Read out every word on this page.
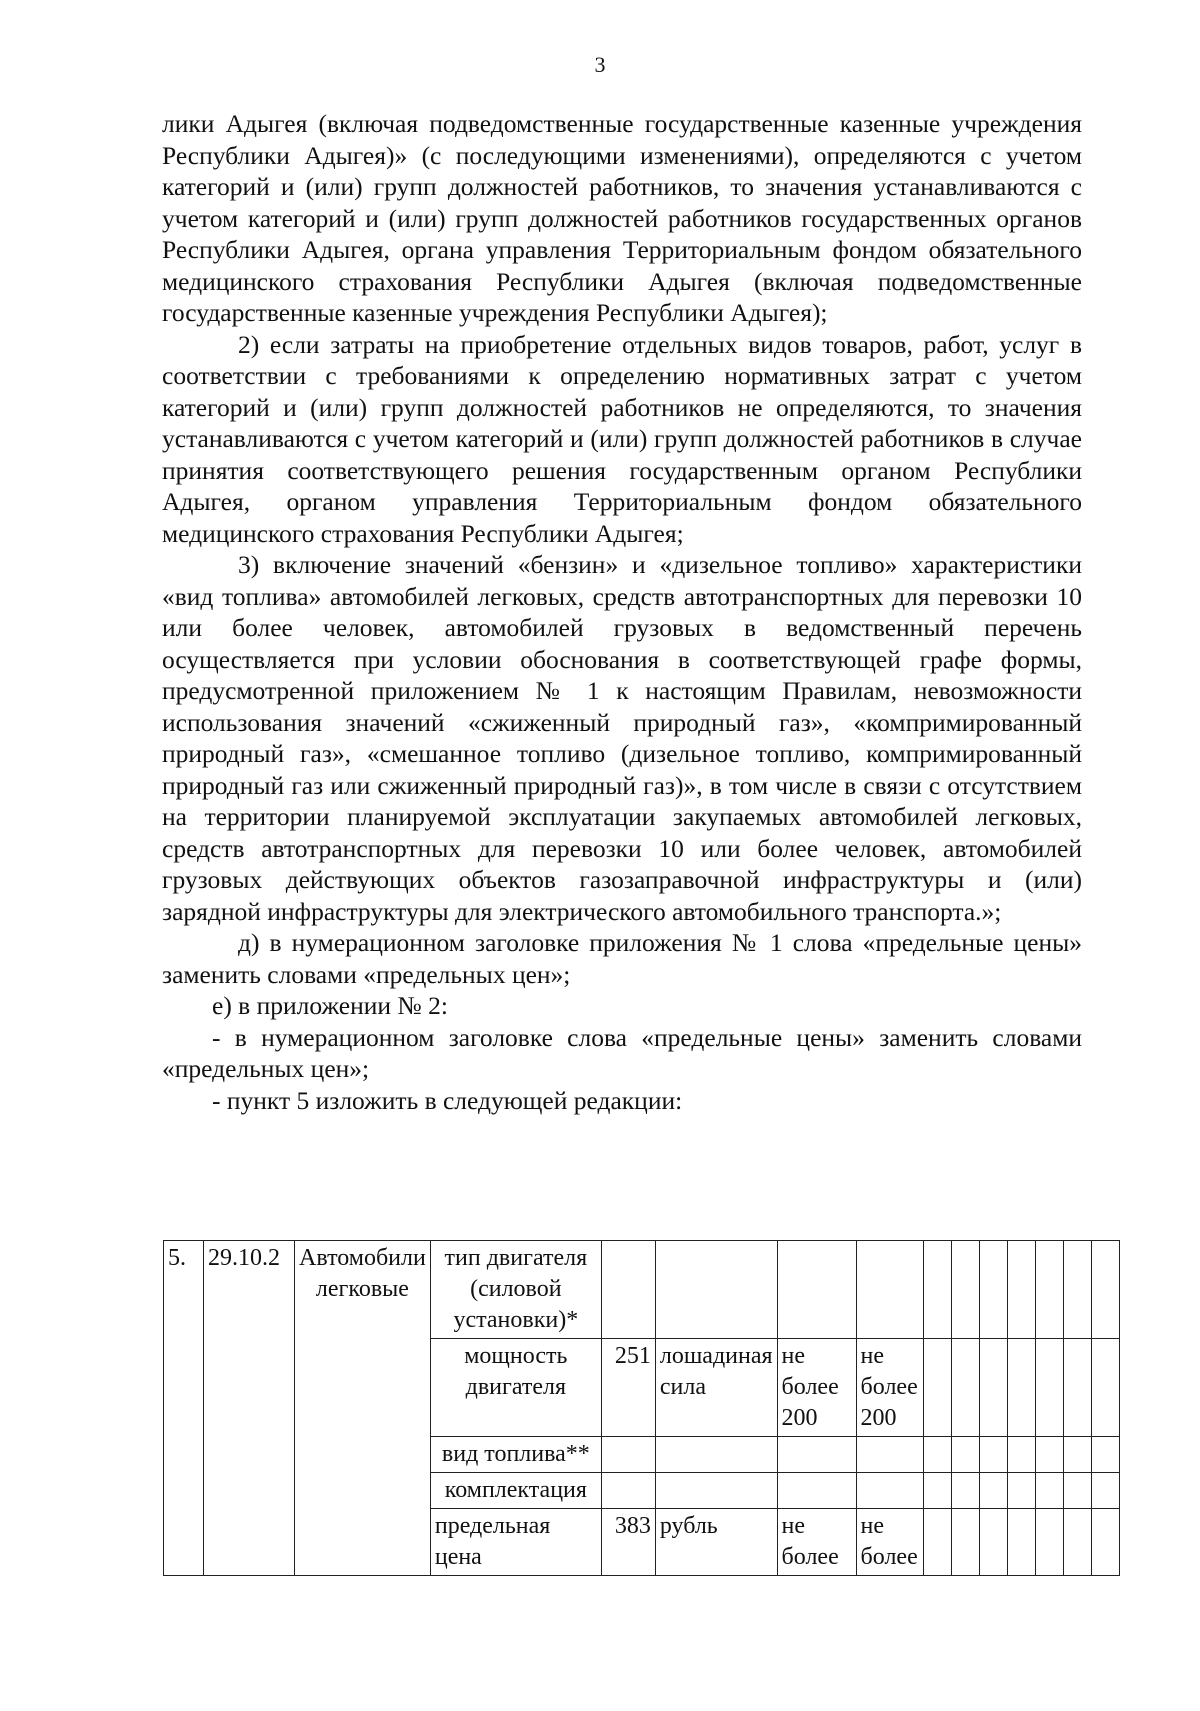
3

лики Адыгея (включая подведомственные государственные казенные учреждения Республики Адыгея)» (с последующими изменениями), определяются с учетом категорий и (или) групп должностей работников, то значения устанавливаются с учетом категорий и (или) групп должностей работников государственных органов Республики Адыгея, органа управления Территориальным фондом обязательного медицинского страхования Республики Адыгея (включая подведомственные государственные казенные учреждения Республики Адыгея);

2) если затраты на приобретение отдельных видов товаров, работ, услуг в соответствии с требованиями к определению нормативных затрат с учетом категорий и (или) групп должностей работников не определяются, то значения устанавливаются с учетом категорий и (или) групп должностей работников в случае принятия соответствующего решения государственным органом Республики Адыгея, органом управления Территориальным фондом обязательного медицинского страхования Республики Адыгея;

3) включение значений «бензин» и «дизельное топливо» характеристики «вид топлива» автомобилей легковых, средств автотранспортных для перевозки 10 или более человек, автомобилей грузовых в ведомственный перечень осуществляется при условии обоснования в соответствующей графе формы, предусмотренной приложением № 1 к настоящим Правилам, невозможности использования значений «сжиженный природный газ», «компримированный природный газ», «смешанное топливо (дизельное топливо, компримированный природный газ или сжиженный природный газ)», в том числе в связи с отсутствием на территории планируемой эксплуатации закупаемых автомобилей легковых, средств автотранспортных для перевозки 10 или более человек, автомобилей грузовых действующих объектов газозаправочной инфраструктуры и (или) зарядной инфраструктуры для электрического автомобильного транспорта.»;

д) в нумерационном заголовке приложения № 1 слова «предельные цены» заменить словами «предельных цен»;

е) в приложении № 2:

- в нумерационном заголовке слова «предельные цены» заменить словами «предельных цен»;

- пункт 5 изложить в следующей редакции:

5.	29.10.2	Автомобили легковые	тип двигателя (силовой установки)*											
			мощность двигателя	251	лошадиная сила	не более 200	не более 200							
			вид топлива**											
			комплектация											
			предельная цена	383	рубль	не более	не более							
